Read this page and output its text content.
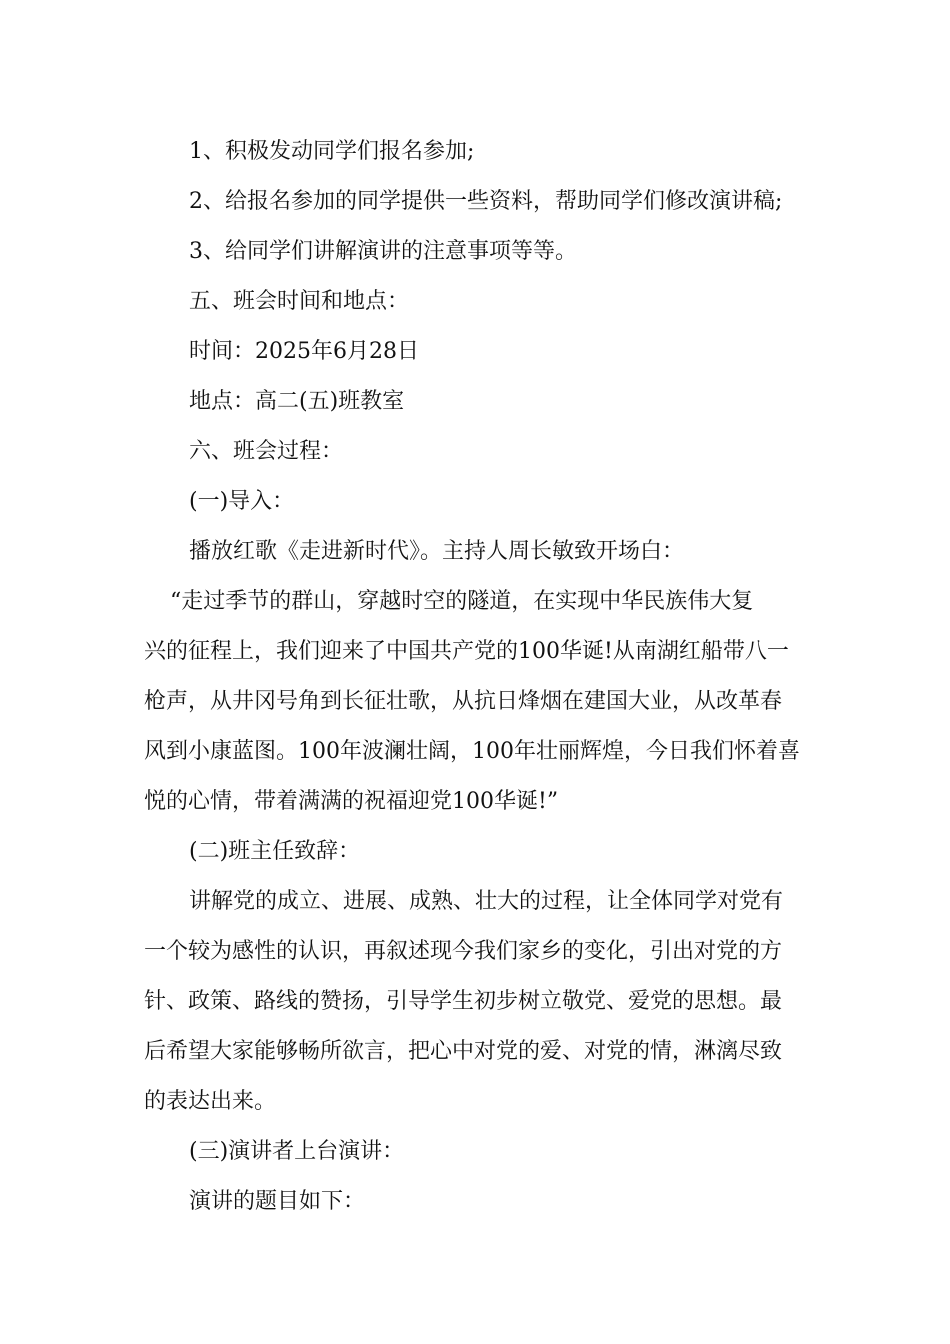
1、积极发动同学们报名参加;
2、给报名参加的同学提供一些资料，帮助同学们修改演讲稿;
3、给同学们讲解演讲的注意事项等等。
五、班会时间和地点：
时间：2025年6月28日
地点：高二(五)班教室
六、班会过程：
(一)导入：
播放红歌《走进新时代》。主持人周长敏致开场白：
“走过季节的群山，穿越时空的隧道，在实现中华民族伟大复
兴的征程上，我们迎来了中国共产党的100华诞!从南湖红船带八一
枪声，从井冈号角到长征壮歌，从抗日烽烟在建国大业，从改革春
风到小康蓝图。100年波澜壮阔，100年壮丽辉煌，今日我们怀着喜
悦的心情，带着满满的祝福迎党100华诞!”
(二)班主任致辞：
讲解党的成立、进展、成熟、壮大的过程，让全体同学对党有
一个较为感性的认识，再叙述现今我们家乡的变化，引出对党的方
针、政策、路线的赞扬，引导学生初步树立敬党、爱党的思想。最
后希望大家能够畅所欲言，把心中对党的爱、对党的情，淋漓尽致
的表达出来。
(三)演讲者上台演讲：
演讲的题目如下：
